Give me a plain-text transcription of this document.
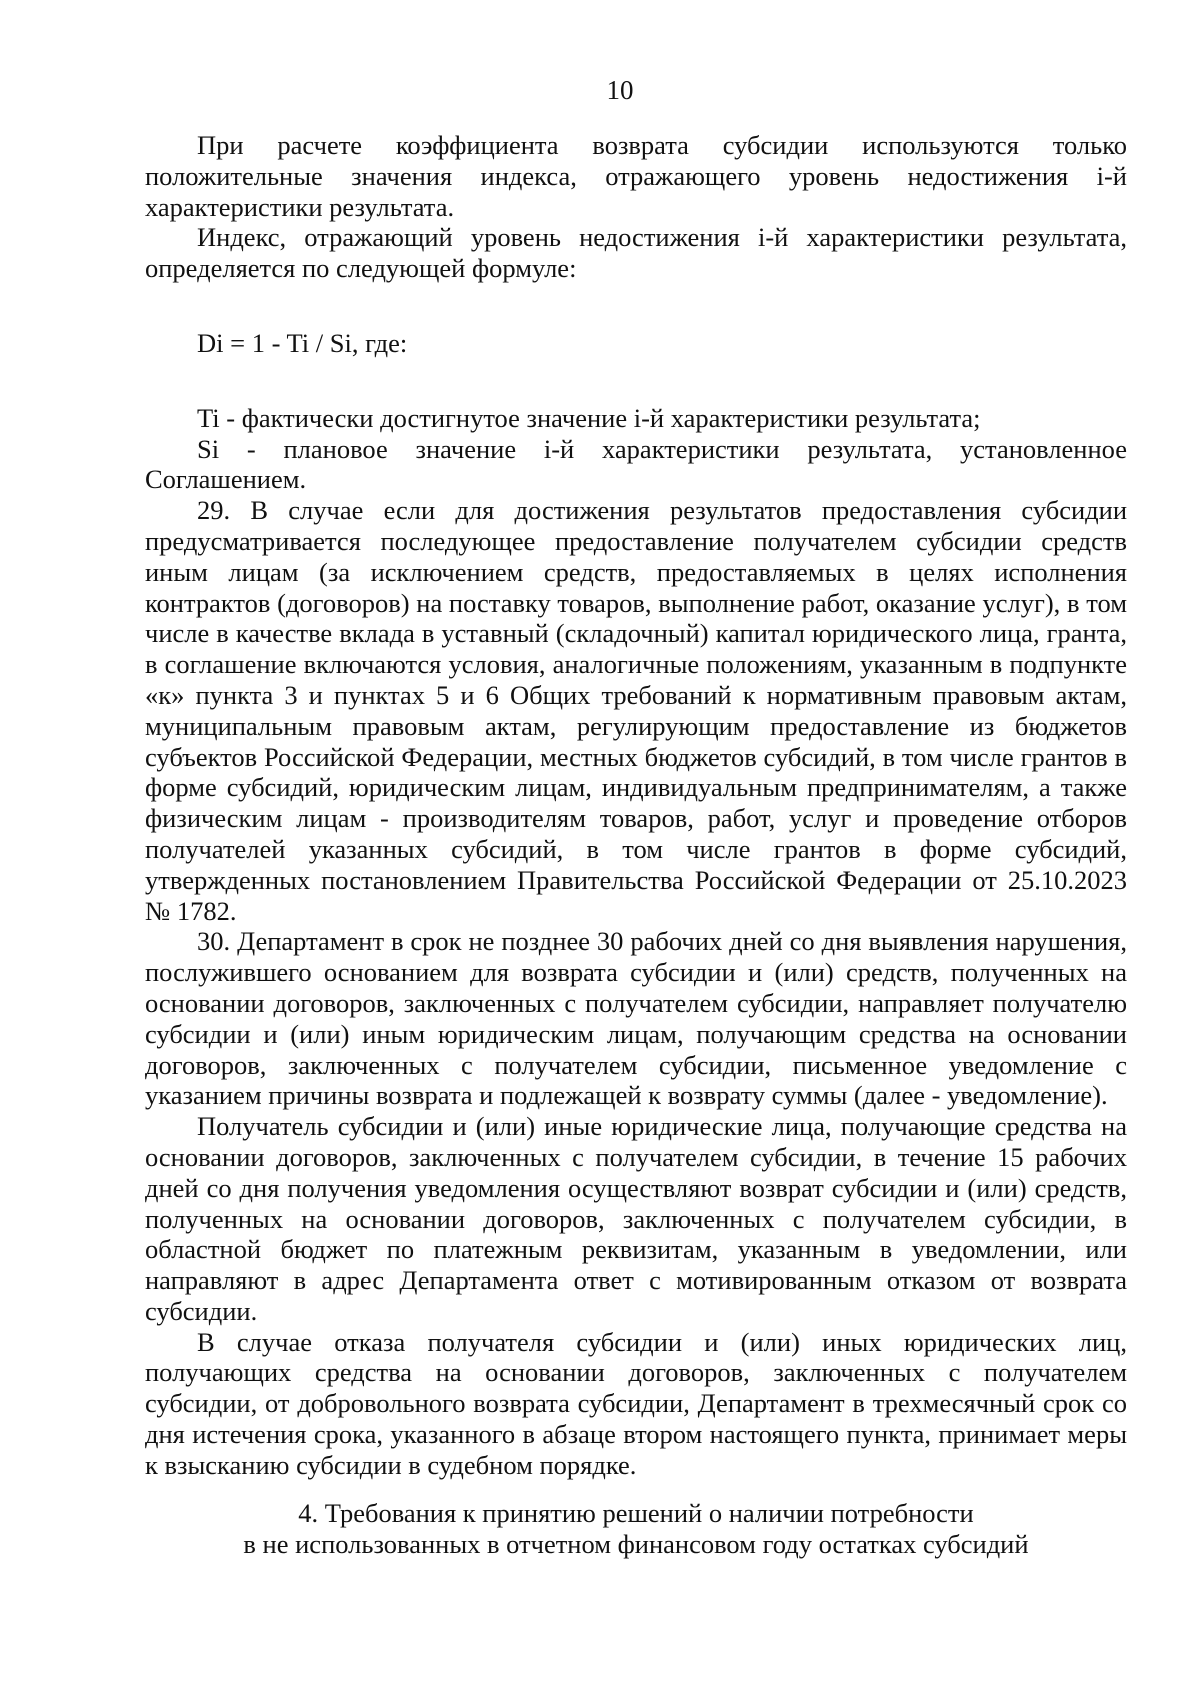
10

При расчете коэффициента возврата субсидии используются только положительные значения индекса, отражающего уровень недостижения i-й характеристики результата.

Индекс, отражающий уровень недостижения i-й характеристики результата, определяется по следующей формуле:

Di = 1 - Ti / Si, где:

Ti - фактически достигнутое значение i-й характеристики результата;

Si - плановое значение i-й характеристики результата, установленное Соглашением.

29. В случае если для достижения результатов предоставления субсидии предусматривается последующее предоставление получателем субсидии средств иным лицам (за исключением средств, предоставляемых в целях исполнения контрактов (договоров) на поставку товаров, выполнение работ, оказание услуг), в том числе в качестве вклада в уставный (складочный) капитал юридического лица, гранта, в соглашение включаются условия, аналогичные положениям, указанным в подпункте «к» пункта 3 и пунктах 5 и 6 Общих требований к нормативным правовым актам, муниципальным правовым актам, регулирующим предоставление из бюджетов субъектов Российской Федерации, местных бюджетов субсидий, в том числе грантов в форме субсидий, юридическим лицам, индивидуальным предпринимателям, а также физическим лицам - производителям товаров, работ, услуг и проведение отборов получателей указанных субсидий, в том числе грантов в форме субсидий, утвержденных постановлением Правительства Российской Федерации от 25.10.2023 № 1782.

30. Департамент в срок не позднее 30 рабочих дней со дня выявления нарушения, послужившего основанием для возврата субсидии и (или) средств, полученных на основании договоров, заключенных с получателем субсидии, направляет получателю субсидии и (или) иным юридическим лицам, получающим средства на основании договоров, заключенных с получателем субсидии, письменное уведомление с указанием причины возврата и подлежащей к возврату суммы (далее - уведомление).

Получатель субсидии и (или) иные юридические лица, получающие средства на основании договоров, заключенных с получателем субсидии, в течение 15 рабочих дней со дня получения уведомления осуществляют возврат субсидии и (или) средств, полученных на основании договоров, заключенных с получателем субсидии, в областной бюджет по платежным реквизитам, указанным в уведомлении, или направляют в адрес Департамента ответ с мотивированным отказом от возврата субсидии.

В случае отказа получателя субсидии и (или) иных юридических лиц, получающих средства на основании договоров, заключенных с получателем субсидии, от добровольного возврата субсидии, Департамент в трехмесячный срок со дня истечения срока, указанного в абзаце втором настоящего пункта, принимает меры к взысканию субсидии в судебном порядке.

4. Требования к принятию решений о наличии потребности
в не использованных в отчетном финансовом году остатках субсидий
